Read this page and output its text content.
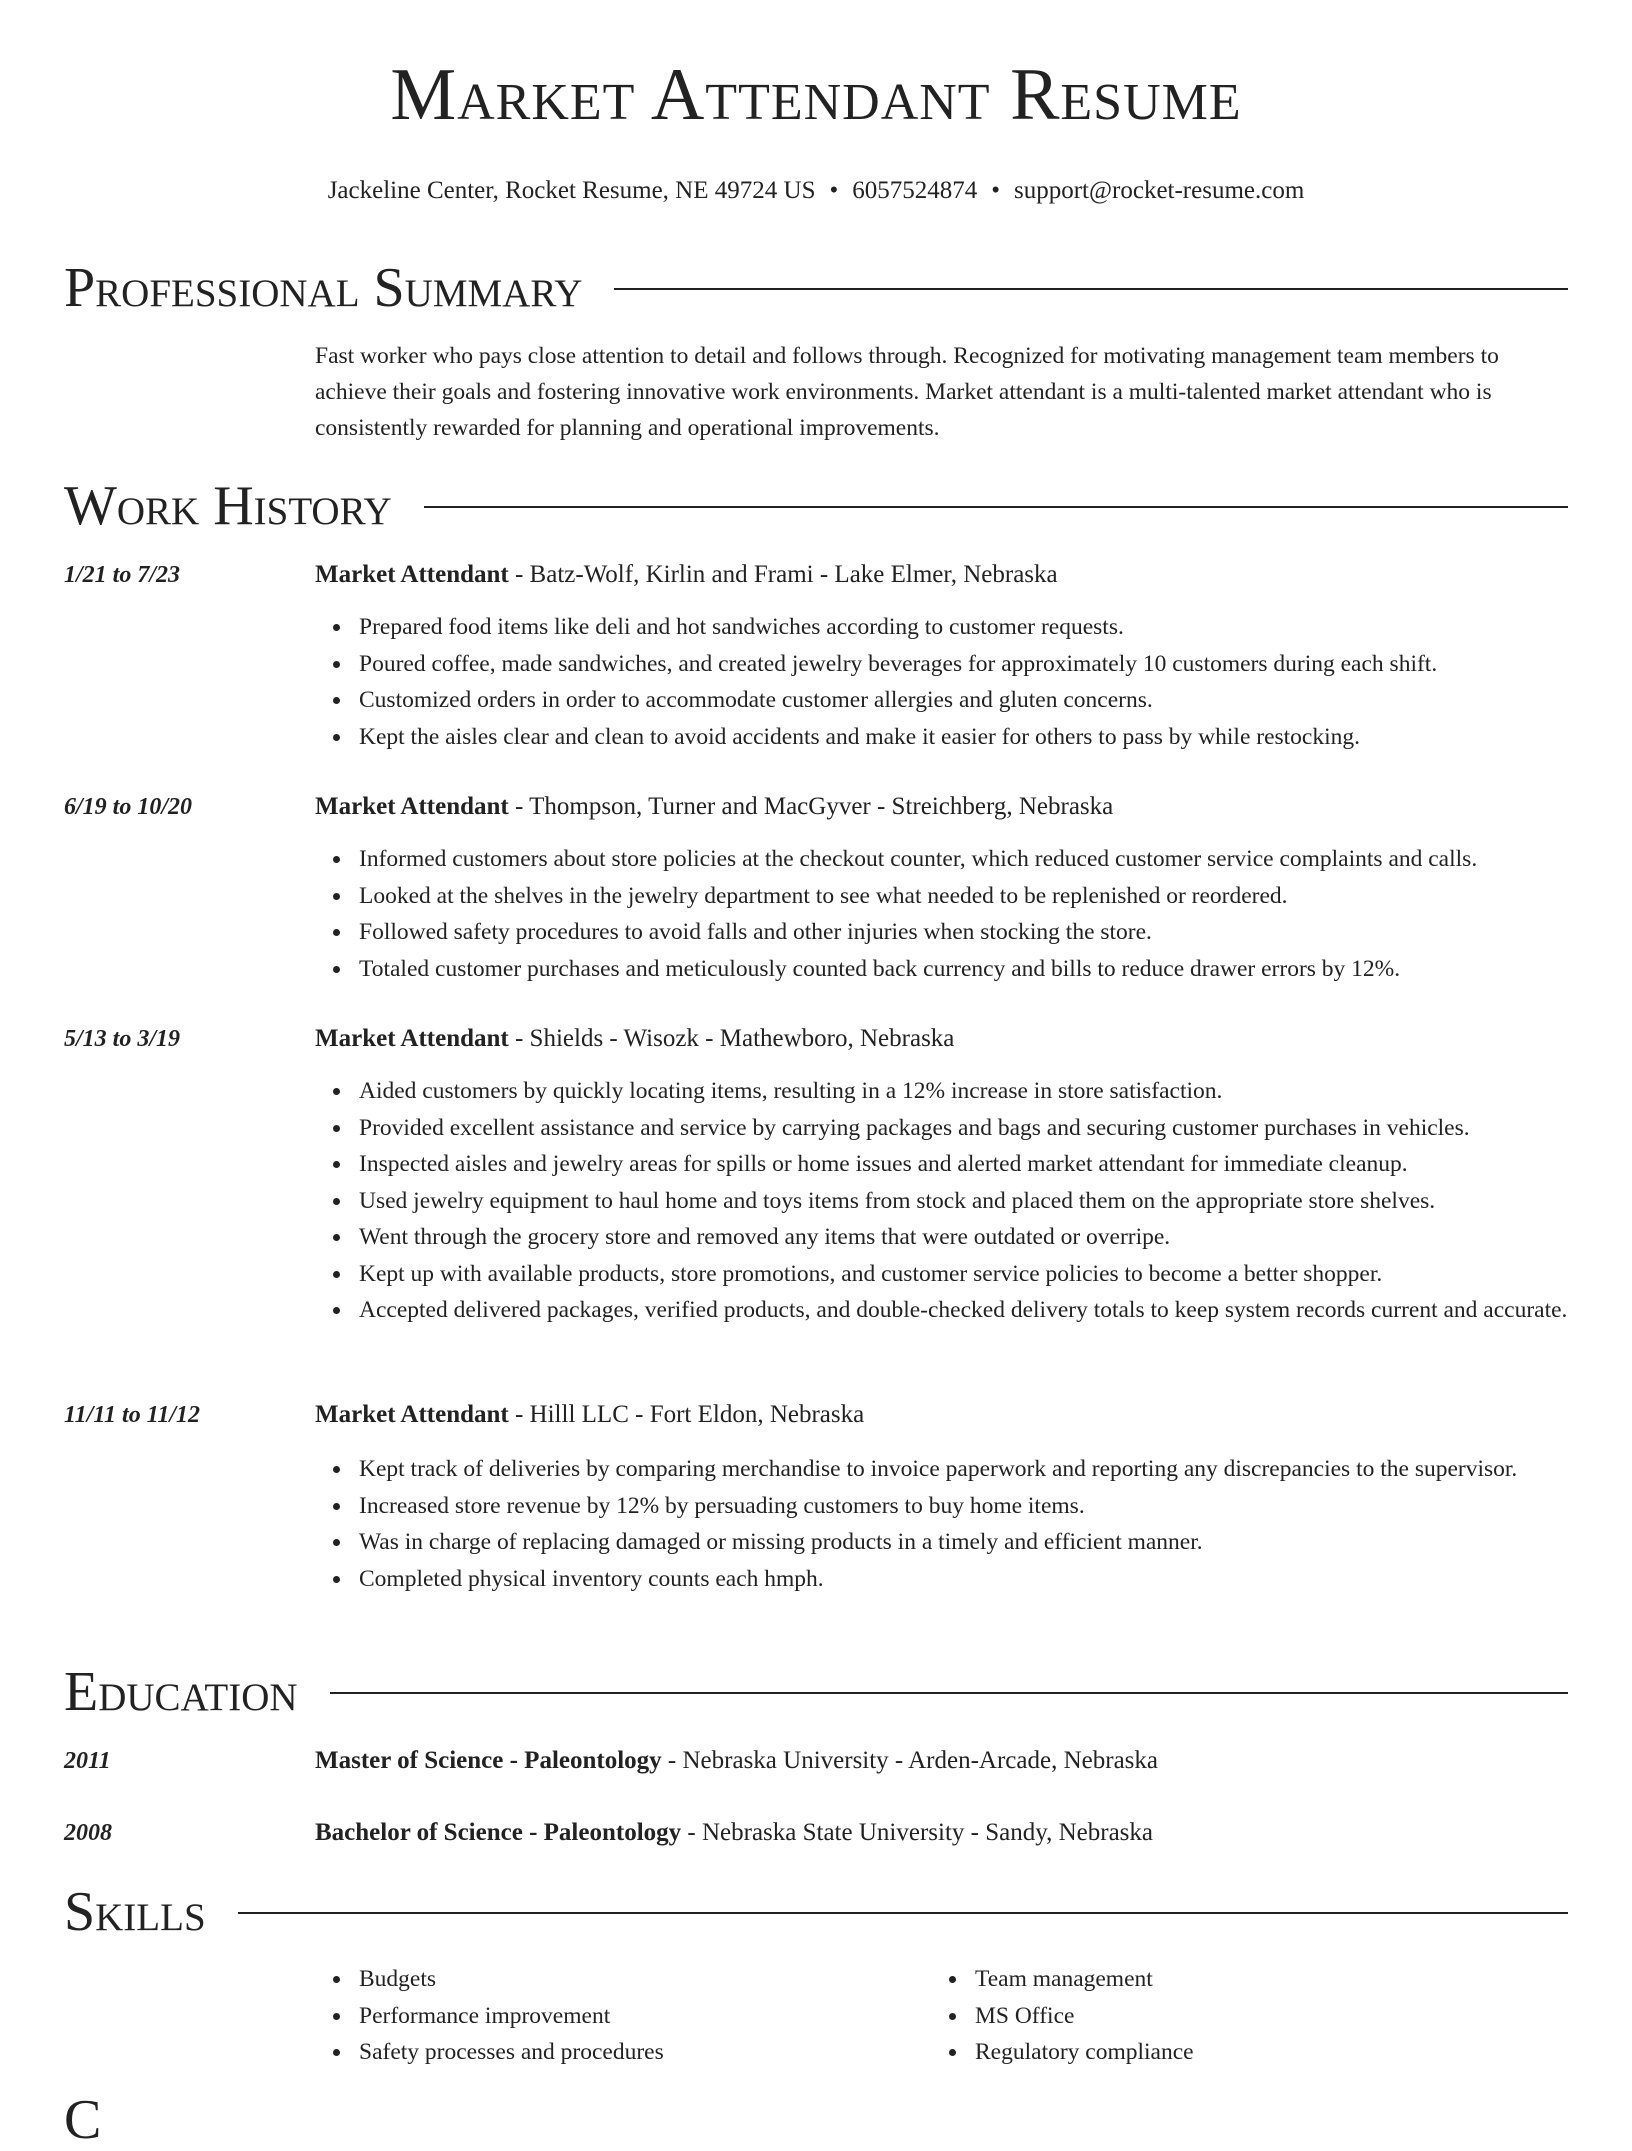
Market Attendant Resume
Jackeline Center, Rocket Resume, NE 49724 US • 6057524874 • support@rocket-resume.com
Professional Summary
Fast worker who pays close attention to detail and follows through. Recognized for motivating management team members to achieve their goals and fostering innovative work environments. Market attendant is a multi-talented market attendant who is consistently rewarded for planning and operational improvements.
Work History
1/21 to 7/23	Market Attendant - Batz-Wolf, Kirlin and Frami - Lake Elmer, Nebraska
Prepared food items like deli and hot sandwiches according to customer requests.
Poured coffee, made sandwiches, and created jewelry beverages for approximately 10 customers during each shift.
Customized orders in order to accommodate customer allergies and gluten concerns.
Kept the aisles clear and clean to avoid accidents and make it easier for others to pass by while restocking.
6/19 to 10/20	Market Attendant - Thompson, Turner and MacGyver - Streichberg, Nebraska
Informed customers about store policies at the checkout counter, which reduced customer service complaints and calls.
Looked at the shelves in the jewelry department to see what needed to be replenished or reordered.
Followed safety procedures to avoid falls and other injuries when stocking the store.
Totaled customer purchases and meticulously counted back currency and bills to reduce drawer errors by 12%.
5/13 to 3/19	Market Attendant - Shields - Wisozk - Mathewboro, Nebraska
Aided customers by quickly locating items, resulting in a 12% increase in store satisfaction.
Provided excellent assistance and service by carrying packages and bags and securing customer purchases in vehicles.
Inspected aisles and jewelry areas for spills or home issues and alerted market attendant for immediate cleanup.
Used jewelry equipment to haul home and toys items from stock and placed them on the appropriate store shelves.
Went through the grocery store and removed any items that were outdated or overripe.
Kept up with available products, store promotions, and customer service policies to become a better shopper.
Accepted delivered packages, verified products, and double-checked delivery totals to keep system records current and accurate.
11/11 to 11/12	Market Attendant - Hilll LLC - Fort Eldon, Nebraska
Kept track of deliveries by comparing merchandise to invoice paperwork and reporting any discrepancies to the supervisor.
Increased store revenue by 12% by persuading customers to buy home items.
Was in charge of replacing damaged or missing products in a timely and efficient manner.
Completed physical inventory counts each hmph.
Education
2011	Master of Science - Paleontology - Nebraska University - Arden-Arcade, Nebraska
2008	Bachelor of Science - Paleontology - Nebraska State University - Sandy, Nebraska
Skills
Budgets
Performance improvement
Safety processes and procedures
Team management
MS Office
Regulatory compliance
C
